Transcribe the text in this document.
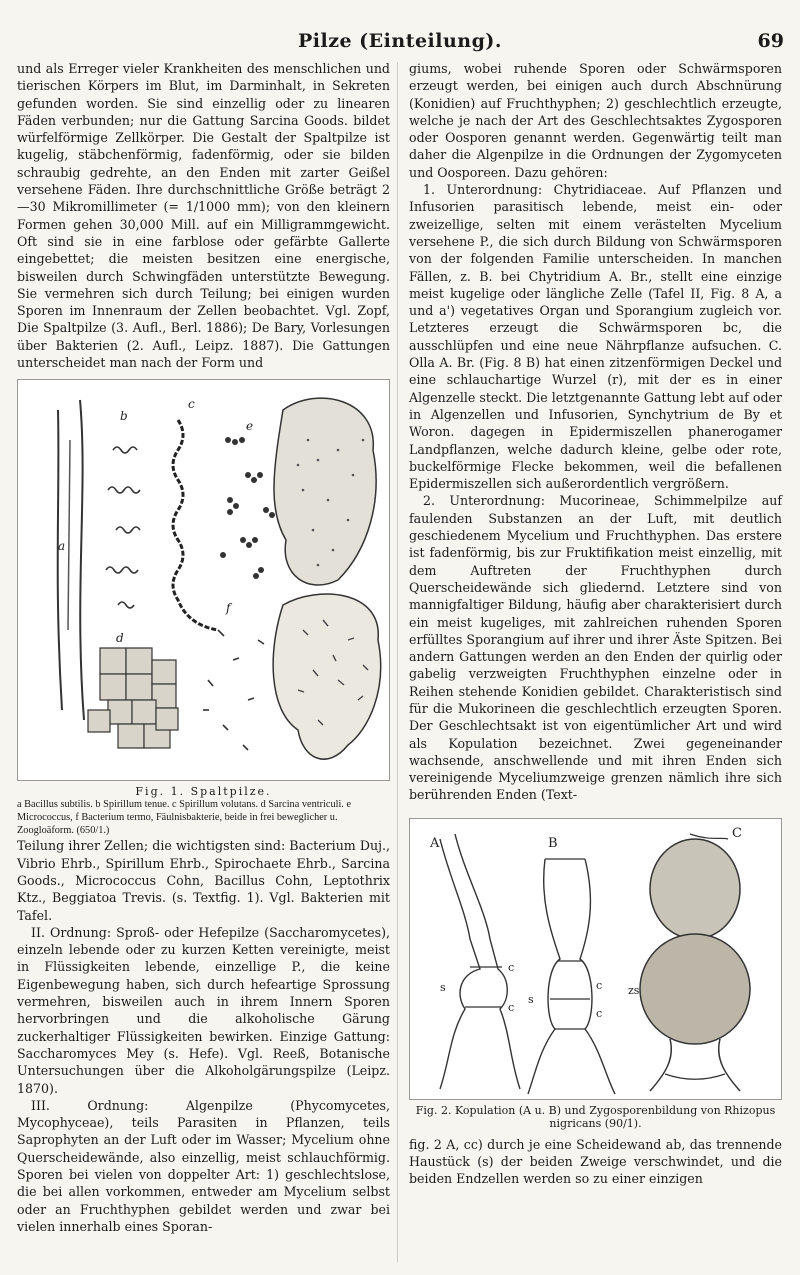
Pilze (Einteilung).	69

und als Erreger vieler Krankheiten des menschlichen und tierischen Körpers im Blut, im Darminhalt, in Sekreten gefunden worden. Sie sind einzellig oder zu linearen Fäden verbunden; nur die Gattung Sarcina Goods. bildet würfelförmige Zellkörper. Die Gestalt der Spaltpilze ist kugelig, stäbchenförmig, fadenförmig, oder sie bilden schraubig gedrehte, an den Enden mit zarter Geißel versehene Fäden. Ihre durchschnittliche Größe beträgt 2—30 Mikromillimeter (= 1/1000 mm); von den kleinern Formen gehen 30,000 Mill. auf ein Milligrammgewicht. Oft sind sie in eine farblose oder gefärbte Gallerte eingebettet; die meisten besitzen eine energische, bisweilen durch Schwingfäden unterstützte Bewegung. Sie vermehren sich durch Teilung; bei einigen wurden Sporen im Innenraum der Zellen beobachtet. Vgl. Zopf, Die Spaltpilze (3. Aufl., Berl. 1886); De Bary, Vorlesungen über Bakterien (2. Aufl., Leipz. 1887). Die Gattungen unterscheidet man nach der Form und

a
b
c
e
f
d

Fig. 1. Spaltpilze.

a Bacillus subtilis. b Spirillum tenue. c Spirillum volutans. d Sarcina ventriculi. e Micrococcus, f Bacterium termo, Fäulnisbakterie, beide in frei beweglicher u. Zoogloäform. (650/1.)

Teilung ihrer Zellen; die wichtigsten sind: Bacterium Duj., Vibrio Ehrb., Spirillum Ehrb., Spirochaete Ehrb., Sarcina Goods., Micrococcus Cohn, Bacillus Cohn, Leptothrix Ktz., Beggiatoa Trevis. (s. Textfig. 1). Vgl. Bakterien mit Tafel.

II. Ordnung: Sproß- oder Hefepilze (Saccharomycetes), einzeln lebende oder zu kurzen Ketten vereinigte, meist in Flüssigkeiten lebende, einzellige P., die keine Eigenbewegung haben, sich durch hefeartige Sprossung vermehren, bisweilen auch in ihrem Innern Sporen hervorbringen und die alkoholische Gärung zuckerhaltiger Flüssigkeiten bewirken. Einzige Gattung: Saccharomyces Mey (s. Hefe). Vgl. Reeß, Botanische Untersuchungen über die Alkoholgärungspilze (Leipz. 1870).

III. Ordnung: Algenpilze (Phycomycetes, Mycophyceae), teils Parasiten in Pflanzen, teils Saprophyten an der Luft oder im Wasser; Mycelium ohne Querscheidewände, also einzellig, meist schlauchförmig. Sporen bei vielen von doppelter Art: 1) geschlechtslose, die bei allen vorkommen, entweder am Mycelium selbst oder an Fruchthyphen gebildet werden und zwar bei vielen innerhalb eines Sporan-

giums, wobei ruhende Sporen oder Schwärmsporen erzeugt werden, bei einigen auch durch Abschnürung (Konidien) auf Fruchthyphen; 2) geschlechtlich erzeugte, welche je nach der Art des Geschlechtsaktes Zygosporen oder Oosporen genannt werden. Gegenwärtig teilt man daher die Algenpilze in die Ordnungen der Zygomyceten und Oosporeen. Dazu gehören:

1. Unterordnung: Chytridiaceae. Auf Pflanzen und Infusorien parasitisch lebende, meist ein- oder zweizellige, selten mit einem verästelten Mycelium versehene P., die sich durch Bildung von Schwärmsporen von der folgenden Familie unterscheiden. In manchen Fällen, z. B. bei Chytridium A. Br., stellt eine einzige meist kugelige oder längliche Zelle (Tafel II, Fig. 8 A, a und a') vegetatives Organ und Sporangium zugleich vor. Letzteres erzeugt die Schwärmsporen bc, die ausschlüpfen und eine neue Nährpflanze aufsuchen. C. Olla A. Br. (Fig. 8 B) hat einen zitzenförmigen Deckel und eine schlauchartige Wurzel (r), mit der es in einer Algenzelle steckt. Die letztgenannte Gattung lebt auf oder in Algenzellen und Infusorien, Synchytrium de By et Woron. dagegen in Epidermiszellen phanerogamer Landpflanzen, welche dadurch kleine, gelbe oder rote, buckelförmige Flecke bekommen, weil die befallenen Epidermiszellen sich außerordentlich vergrößern.

2. Unterordnung: Mucorineae, Schimmelpilze auf faulenden Substanzen an der Luft, mit deutlich geschiedenem Mycelium und Fruchthyphen. Das erstere ist fadenförmig, bis zur Fruktifikation meist einzellig, mit dem Auftreten der Fruchthyphen durch Querscheidewände sich gliedernd. Letztere sind von mannigfaltiger Bildung, häufig aber charakterisiert durch ein meist kugeliges, mit zahlreichen ruhenden Sporen erfülltes Sporangium auf ihrer und ihrer Äste Spitzen. Bei andern Gattungen werden an den Enden der quirlig oder gabelig verzweigten Fruchthyphen einzelne oder in Reihen stehende Konidien gebildet. Charakteristisch sind für die Mukorineen die geschlechtlich erzeugten Sporen. Der Geschlechtsakt ist von eigentümlicher Art und wird als Kopulation bezeichnet. Zwei gegeneinander wachsende, anschwellende und mit ihren Enden sich vereinigende Myceliumzweige grenzen nämlich ihre sich berührenden Enden (Text-

A
s
c
c
B
s
c
c
C
zs

Fig. 2. Kopulation (A u. B) und Zygosporenbildung von Rhizopus nigricans (90/1).

fig. 2 A, cc) durch je eine Scheidewand ab, das trennende Haustück (s) der beiden Zweige verschwindet, und die beiden Endzellen werden so zu einer einzigen
